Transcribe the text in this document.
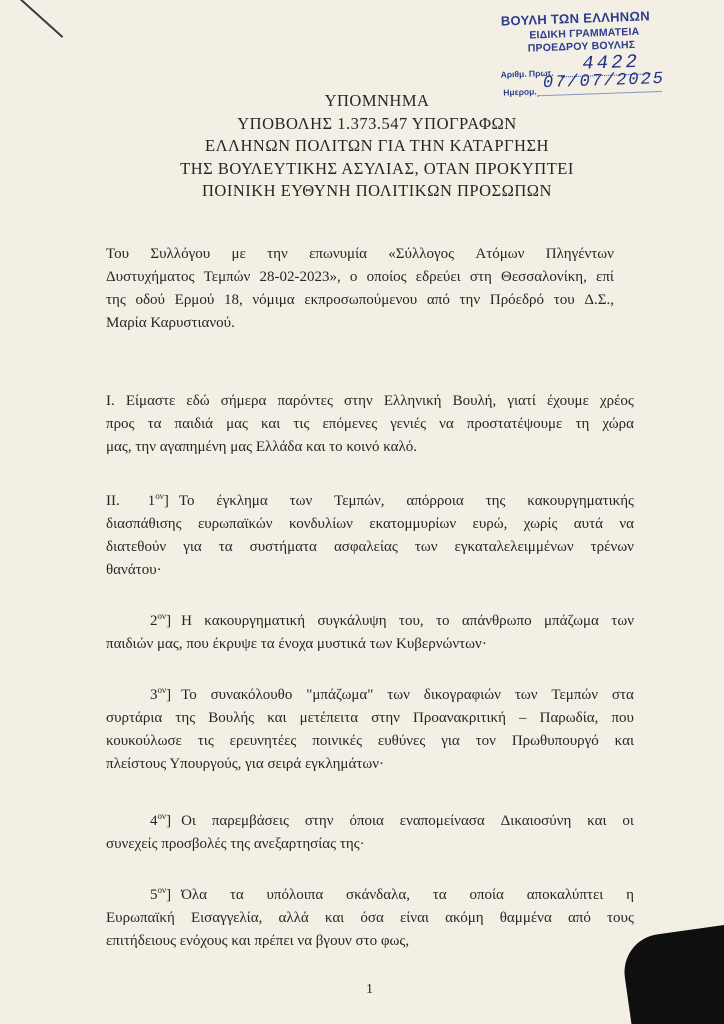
ΒΟΥΛΗ ΤΩΝ ΕΛΛΗΝΩΝ
ΕΙΔΙΚΗ ΓΡΑΜΜΑΤΕΙΑ
ΠΡΟΕΔΡΟΥ ΒΟΥΛΗΣ
Αριθμ. Πρωτ. 4422
Ημερομ. 07/07/2025
ΥΠΟΜΝΗΜΑ
ΥΠΟΒΟΛΗΣ 1.373.547 ΥΠΟΓΡΑΦΩΝ
ΕΛΛΗΝΩΝ ΠΟΛΙΤΩΝ ΓΙΑ ΤΗΝ ΚΑΤΑΡΓΗΣΗ
ΤΗΣ ΒΟΥΛΕΥΤΙΚΗΣ ΑΣΥΛΙΑΣ, ΟΤΑΝ ΠΡΟΚΥΠΤΕΙ
ΠΟΙΝΙΚΗ ΕΥΘΥΝΗ ΠΟΛΙΤΙΚΩΝ ΠΡΟΣΩΠΩΝ
Του Συλλόγου με την επωνυμία «Σύλλογος Ατόμων Πληγέντων
Δυστυχήματος Τεμπών 28-02-2023», ο οποίος εδρεύει στη Θεσσαλονίκη, επί
της οδού Ερμού 18, νόμιμα εκπροσωπούμενου από την Πρόεδρό του Δ.Σ.,
Μαρία Καρυστιανού.
Ι. Είμαστε εδώ σήμερα παρόντες στην Ελληνική Βουλή, γιατί έχουμε χρέος
προς τα παιδιά μας και τις επόμενες γενιές να προστατέψουμε τη χώρα
μας, την αγαπημένη μας Ελλάδα και το κοινό καλό.
ΙΙ. $1^{o\nu}$] Το έγκλημα των Τεμπών, απόρροια της κακουργηματικής
διασπάθισης ευρωπαϊκών κονδυλίων εκατομμυρίων ευρώ, χωρίς αυτά να
διατεθούν για τα συστήματα ασφαλείας των εγκαταλελειμμένων τρένων
θανάτου·
$2^{o\nu}$] Η κακουργηματική συγκάλυψη του, το απάνθρωπο μπάζωμα των
παιδιών μας, που έκρυψε τα ένοχα μυστικά των Κυβερνώντων·
$3^{o\nu}$] Το συνακόλουθο "μπάζωμα" των δικογραφιών των Τεμπών στα
συρτάρια της Βουλής και μετέπειτα στην Προανακριτική – Παρωδία, που
κουκούλωσε τις ερευνητέες ποινικές ευθύνες για τον Πρωθυπουργό και
πλείστους Υπουργούς, για σειρά εγκλημάτων·
$4^{o\nu}$] Οι παρεμβάσεις στην όποια εναπομείνασα Δικαιοσύνη και οι
συνεχείς προσβολές της ανεξαρτησίας της·
$5^{o\nu}$] Όλα τα υπόλοιπα σκάνδαλα, τα οποία αποκαλύπτει η
Ευρωπαϊκή Εισαγγελία, αλλά και όσα είναι ακόμη θαμμένα από τους
επιτήδειους ενόχους και πρέπει να βγουν στο φως,
1
